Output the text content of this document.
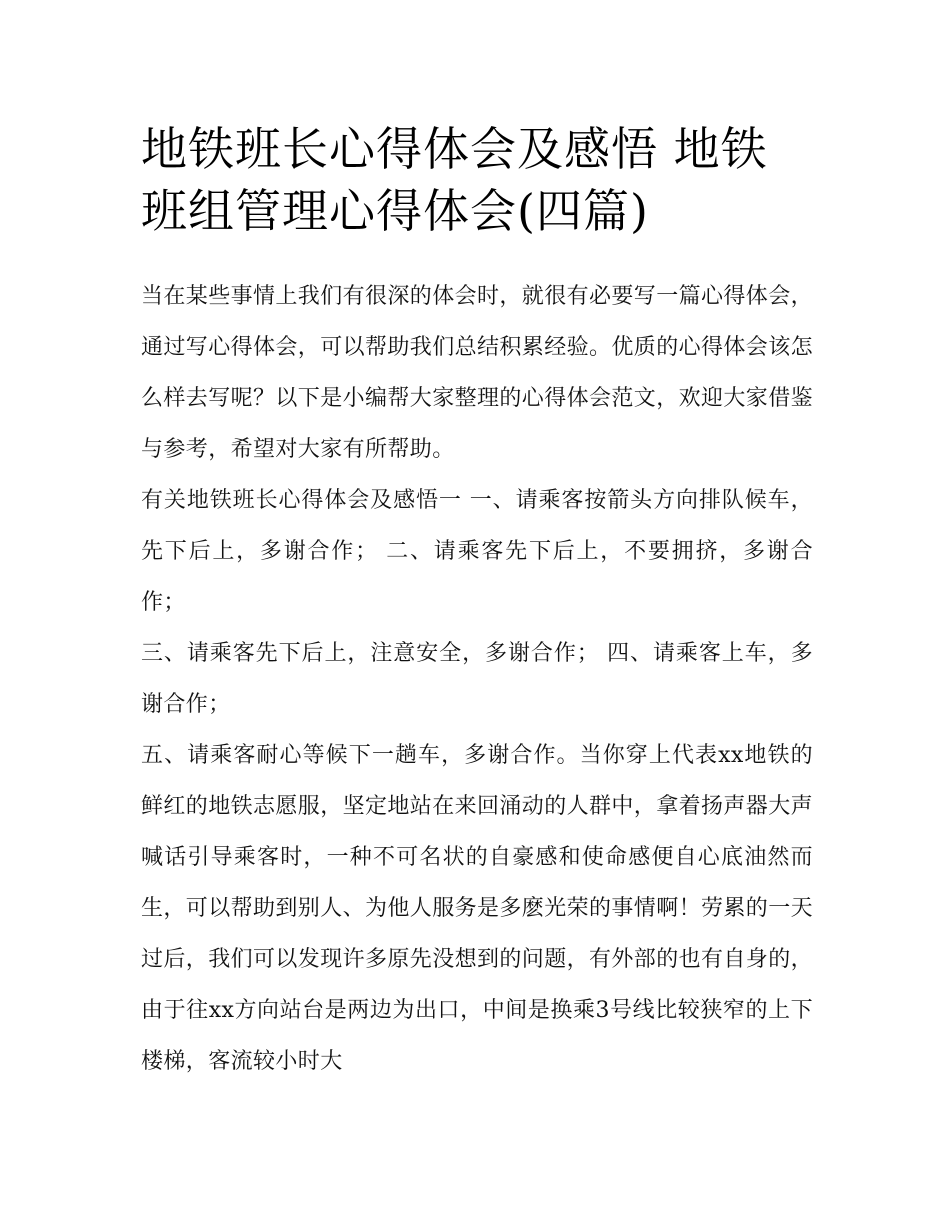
地铁班长心得体会及感悟 地铁班组管理心得体会(四篇)

当在某些事情上我们有很深的体会时，就很有必要写一篇心得体会，通过写心得体会，可以帮助我们总结积累经验。优质的心得体会该怎么样去写呢？以下是小编帮大家整理的心得体会范文，欢迎大家借鉴与参考，希望对大家有所帮助。

有关地铁班长心得体会及感悟一 一、请乘客按箭头方向排队候车，先下后上，多谢合作； 二、请乘客先下后上，不要拥挤，多谢合作；

三、请乘客先下后上，注意安全，多谢合作； 四、请乘客上车，多谢合作；

五、请乘客耐心等候下一趟车，多谢合作。当你穿上代表xx地铁的鲜红的地铁志愿服，坚定地站在来回涌动的人群中，拿着扬声器大声喊话引导乘客时，一种不可名状的自豪感和使命感便自心底油然而生，可以帮助到别人、为他人服务是多麽光荣的事情啊！劳累的一天过后，我们可以发现许多原先没想到的问题，有外部的也有自身的，由于往xx方向站台是两边为出口，中间是换乘3号线比较狭窄的上下楼梯，客流较小时大
